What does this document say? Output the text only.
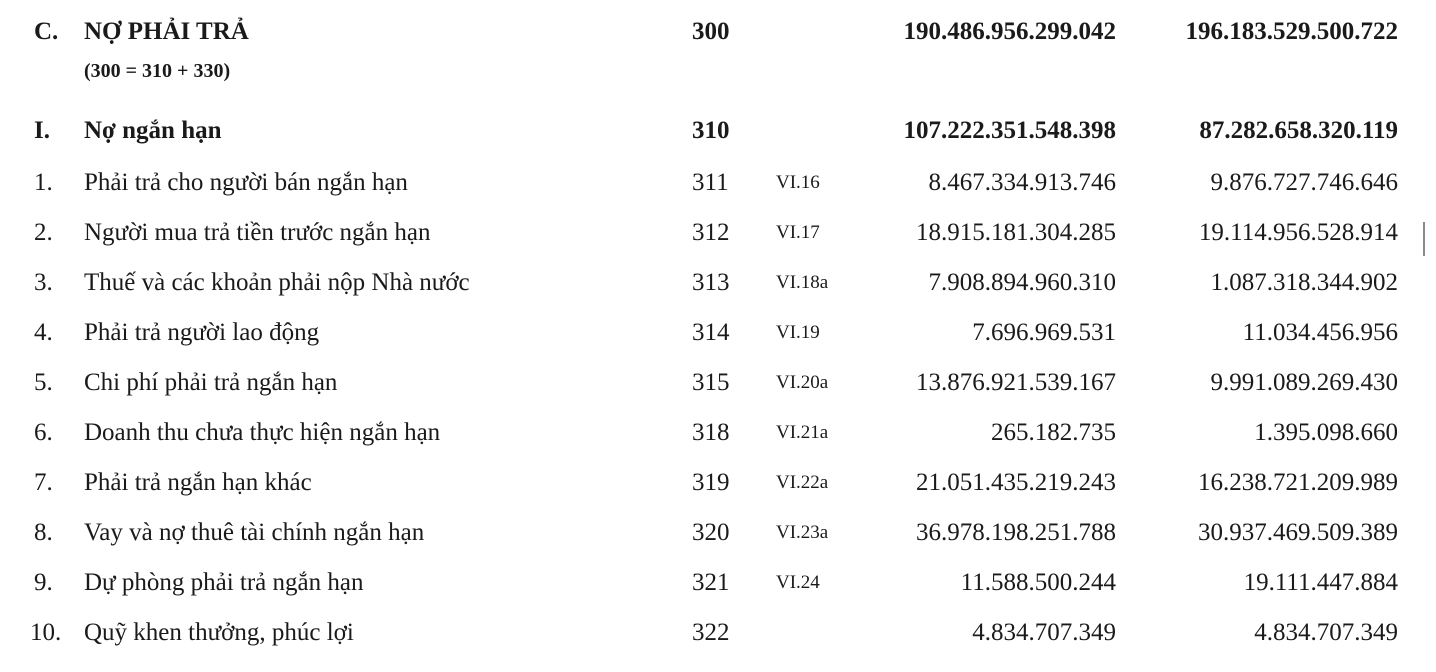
C.	NỢ PHẢI TRẢ	300	190.486.956.299.042	196.183.529.500.722
(300 = 310 + 330)
I.	Nợ ngắn hạn	310	107.222.351.548.398	87.282.658.320.119
1.	Phải trả cho người bán ngắn hạn	311 VI.16	8.467.334.913.746	9.876.727.746.646
2.	Người mua trả tiền trước ngắn hạn	312 VI.17	18.915.181.304.285	19.114.956.528.914
3.	Thuế và các khoản phải nộp Nhà nước	313 VI.18a	7.908.894.960.310	1.087.318.344.902
4.	Phải trả người lao động	314 VI.19	7.696.969.531	11.034.456.956
5.	Chi phí phải trả ngắn hạn	315 VI.20a	13.876.921.539.167	9.991.089.269.430
6.	Doanh thu chưa thực hiện ngắn hạn	318 VI.21a	265.182.735	1.395.098.660
7.	Phải trả ngắn hạn khác	319 VI.22a	21.051.435.219.243	16.238.721.209.989
8.	Vay và nợ thuê tài chính ngắn hạn	320 VI.23a	36.978.198.251.788	30.937.469.509.389
9.	Dự phòng phải trả ngắn hạn	321 VI.24	11.588.500.244	19.111.447.884
10. Quỹ khen thưởng, phúc lợi	322	4.834.707.349	4.834.707.349
